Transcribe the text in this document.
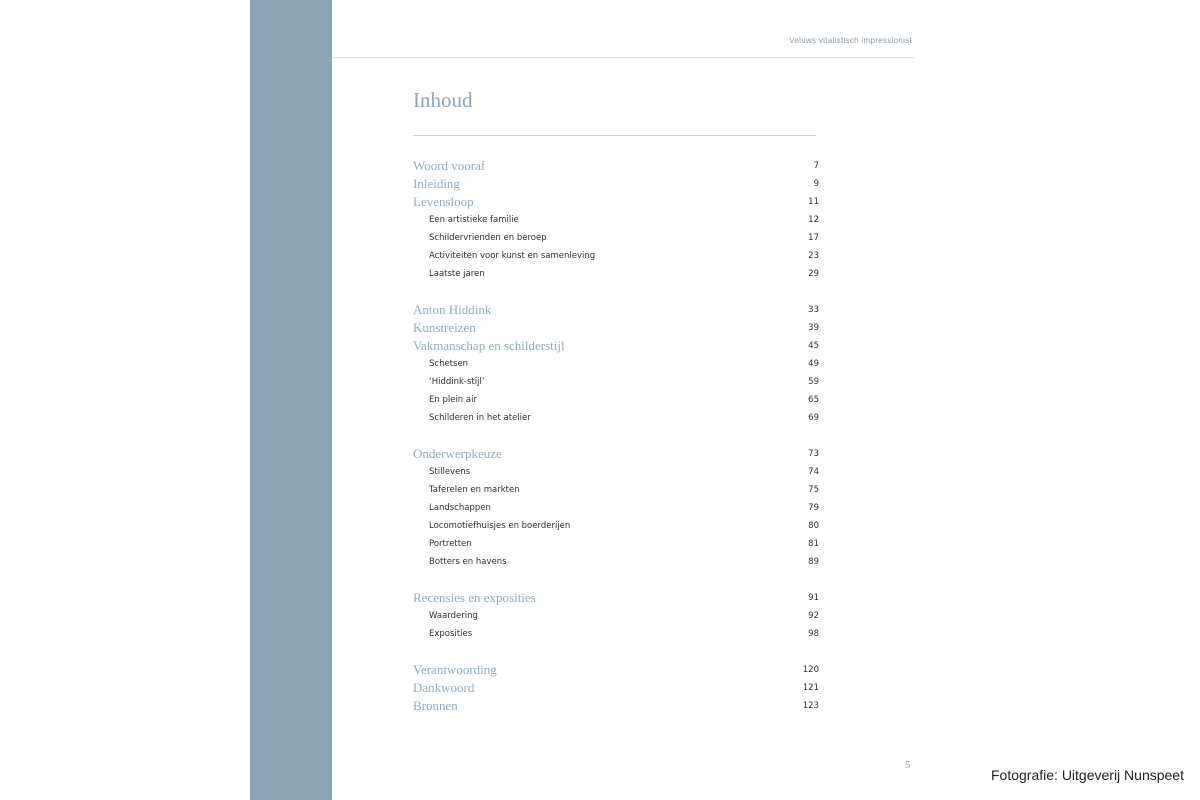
Veluws vitalistisch impressionist
Inhoud
Woord vooraf	7
Inleiding	9
Levensloop	11
Een artistieke familie	12
Schildervrienden en beroep	17
Activiteiten voor kunst en samenleving	23
Laatste jaren	29
Anton Hiddink	33
Kunstreizen	39
Vakmanschap en schilderstijl	45
Schetsen	49
‘Hiddink-stijl’	59
En plein air	65
Schilderen in het atelier	69
Onderwerpkeuze	73
Stillevens	74
Taferelen en markten	75
Landschappen	79
Locomotiefhuisjes en boerderijen	80
Portretten	81
Botters en havens	89
Recensies en exposities	91
Waardering	92
Exposities	98
Verantwoording	120
Dankwoord	121
Bronnen	123
5
Fotografie: Uitgeverij Nunspeet
